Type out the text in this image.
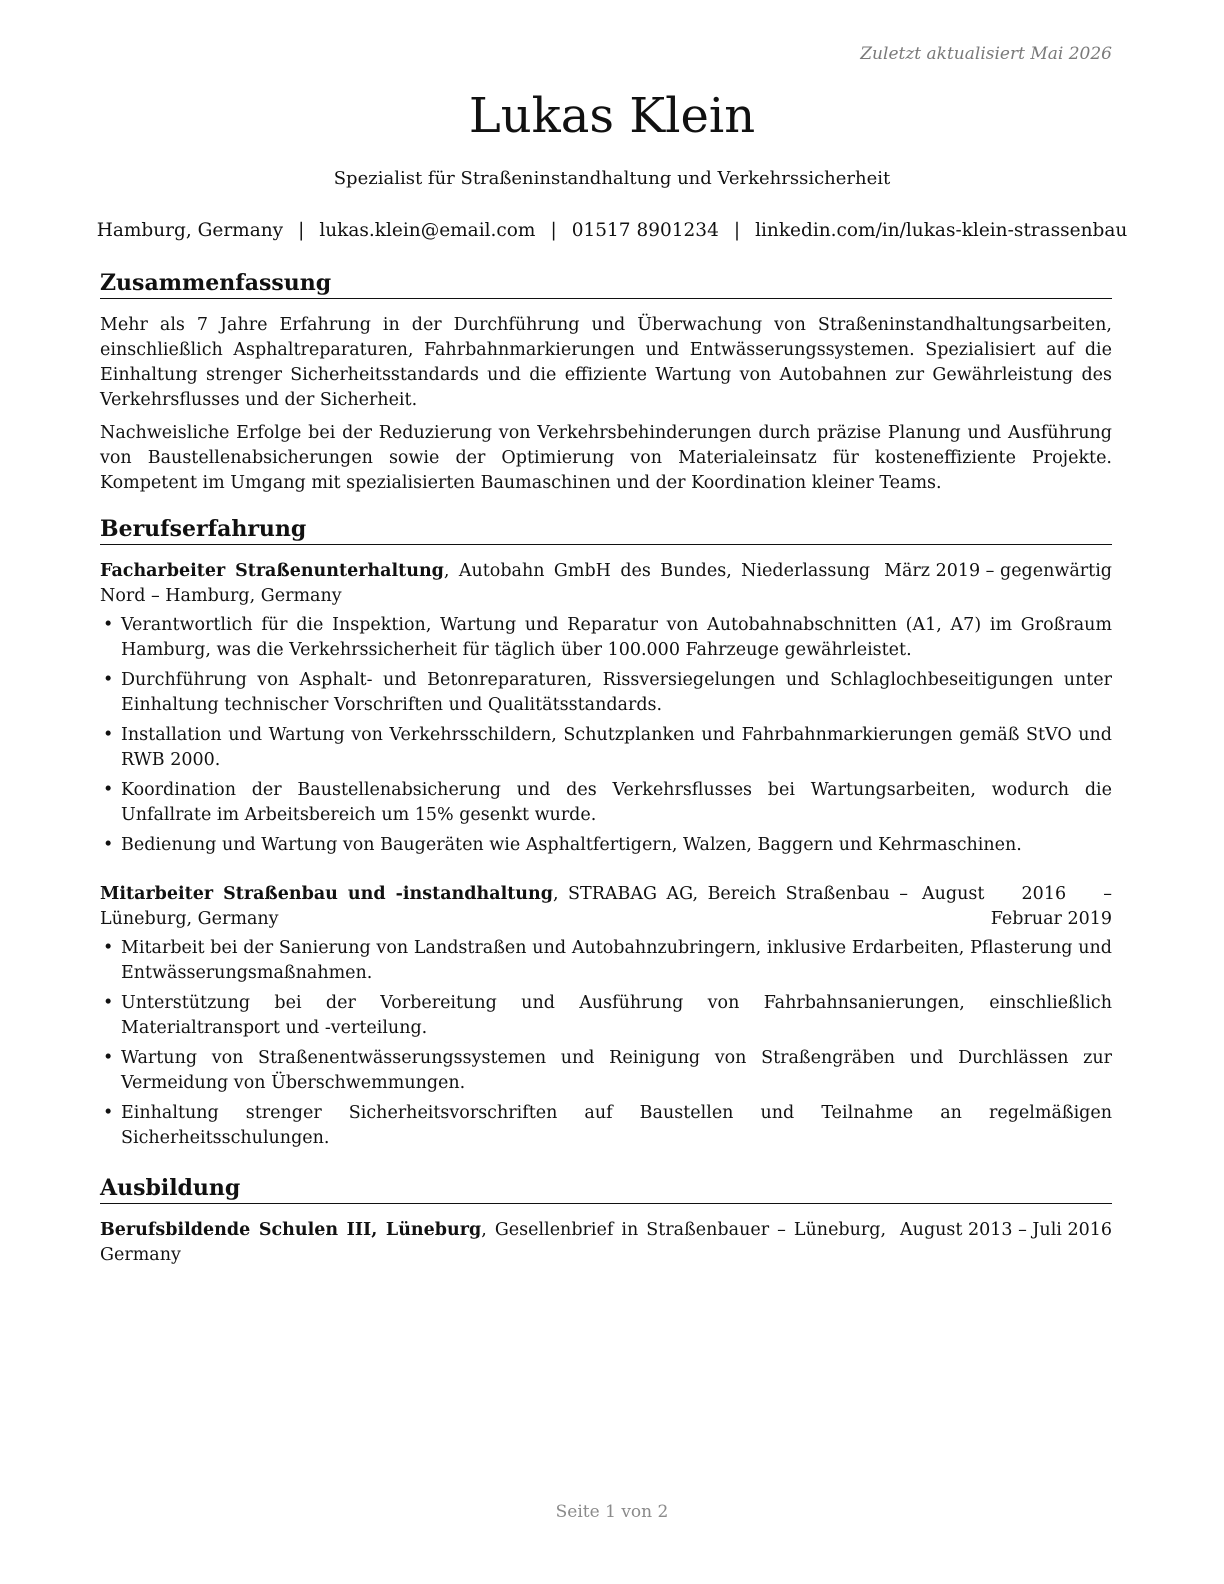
Zuletzt aktualisiert Mai 2026
Lukas Klein
Spezialist für Straßeninstandhaltung und Verkehrssicherheit
Hamburg, Germany | lukas.klein@email.com | 01517 8901234 | linkedin.com/in/lukas-klein-strassenbau
Zusammenfassung

Mehr als 7 Jahre Erfahrung in der Durchführung und Überwachung von Straßeninstandhaltungsarbeiten, einschließlich Asphaltreparaturen, Fahrbahnmarkierungen und Entwässerungssystemen. Spezialisiert auf die Einhaltung strenger Sicherheitsstandards und die effiziente Wartung von Autobahnen zur Gewährleistung des Verkehrsflusses und der Sicherheit.

Nachweisliche Erfolge bei der Reduzierung von Verkehrsbehinderungen durch präzise Planung und Ausführung von Baustellenabsicherungen sowie der Optimierung von Materialeinsatz für kosteneffiziente Projekte. Kompetent im Umgang mit spezialisierten Baumaschinen und der Koordination kleiner Teams.

Berufserfahrung
Facharbeiter Straßenunterhaltung, Autobahn GmbH des Bundes, Niederlassung Nord – Hamburg, Germany
März 2019 – gegenwärtig
• Verantwortlich für die Inspektion, Wartung und Reparatur von Autobahnabschnitten (A1, A7) im Großraum Hamburg, was die Verkehrssicherheit für täglich über 100.000 Fahrzeuge gewährleistet.
• Durchführung von Asphalt- und Betonreparaturen, Rissversiegelungen und Schlaglochbeseitigungen unter Einhaltung technischer Vorschriften und Qualitätsstandards.
• Installation und Wartung von Verkehrsschildern, Schutzplanken und Fahrbahnmarkierungen gemäß StVO und RWB 2000.
• Koordination der Baustellenabsicherung und des Verkehrsflusses bei Wartungsarbeiten, wodurch die Unfallrate im Arbeitsbereich um 15% gesenkt wurde.
• Bedienung und Wartung von Baugeräten wie Asphaltfertigern, Walzen, Baggern und Kehrmaschinen.
Mitarbeiter Straßenbau und -instandhaltung, STRABAG AG, Bereich Straßenbau – Lüneburg, Germany
August 2016 – Februar 2019
• Mitarbeit bei der Sanierung von Landstraßen und Autobahnzubringern, inklusive Erdarbeiten, Pflasterung und Entwässerungsmaßnahmen.
• Unterstützung bei der Vorbereitung und Ausführung von Fahrbahnsanierungen, einschließlich Materialtransport und -verteilung.
• Wartung von Straßenentwässerungssystemen und Reinigung von Straßengräben und Durchlässen zur Vermeidung von Überschwemmungen.
• Einhaltung strenger Sicherheitsvorschriften auf Baustellen und Teilnahme an regelmäßigen Sicherheitsschulungen.
Ausbildung
Berufsbildende Schulen III, Lüneburg, Gesellenbrief in Straßenbauer – Lüneburg, Germany
August 2013 – Juli 2016
Seite 1 von 2
